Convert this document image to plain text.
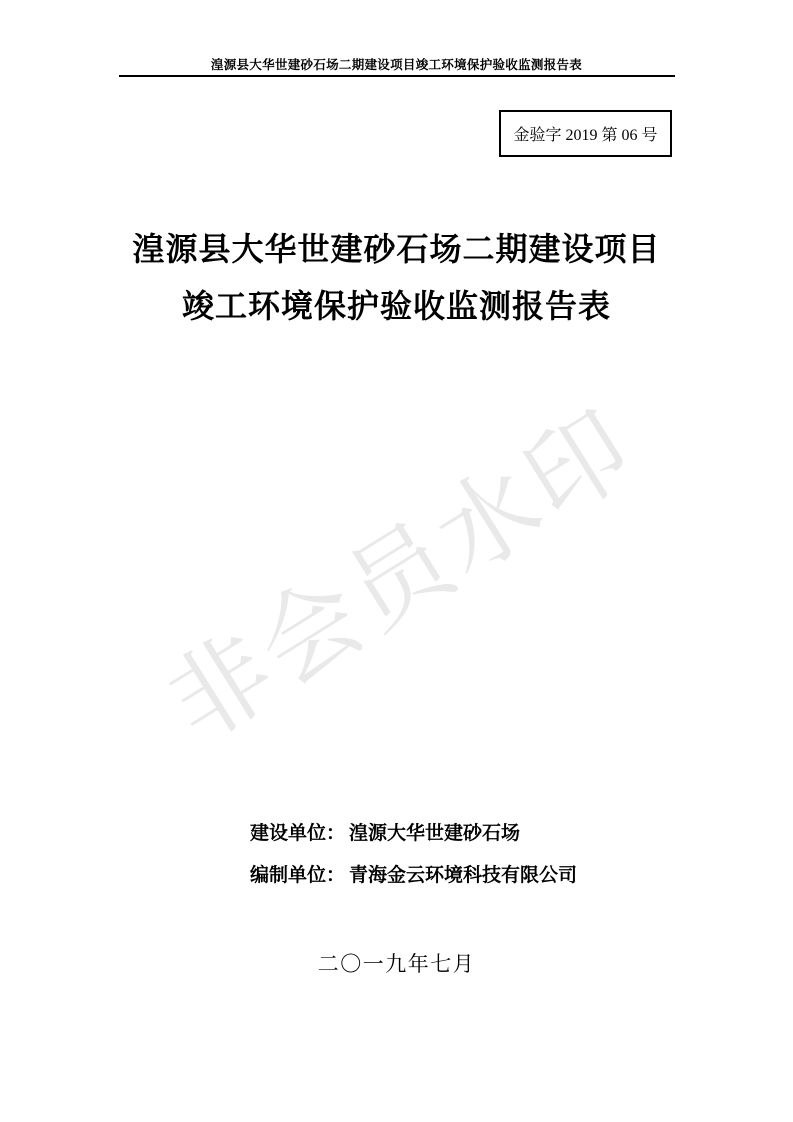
湟源县大华世建砂石场二期建设项目竣工环境保护验收监测报告表
金验字 2019 第 06 号
湟源县大华世建砂石场二期建设项目
竣工环境保护验收监测报告表
非会员水印
建设单位： 湟源大华世建砂石场
编制单位： 青海金云环境科技有限公司
二〇一九年七月
